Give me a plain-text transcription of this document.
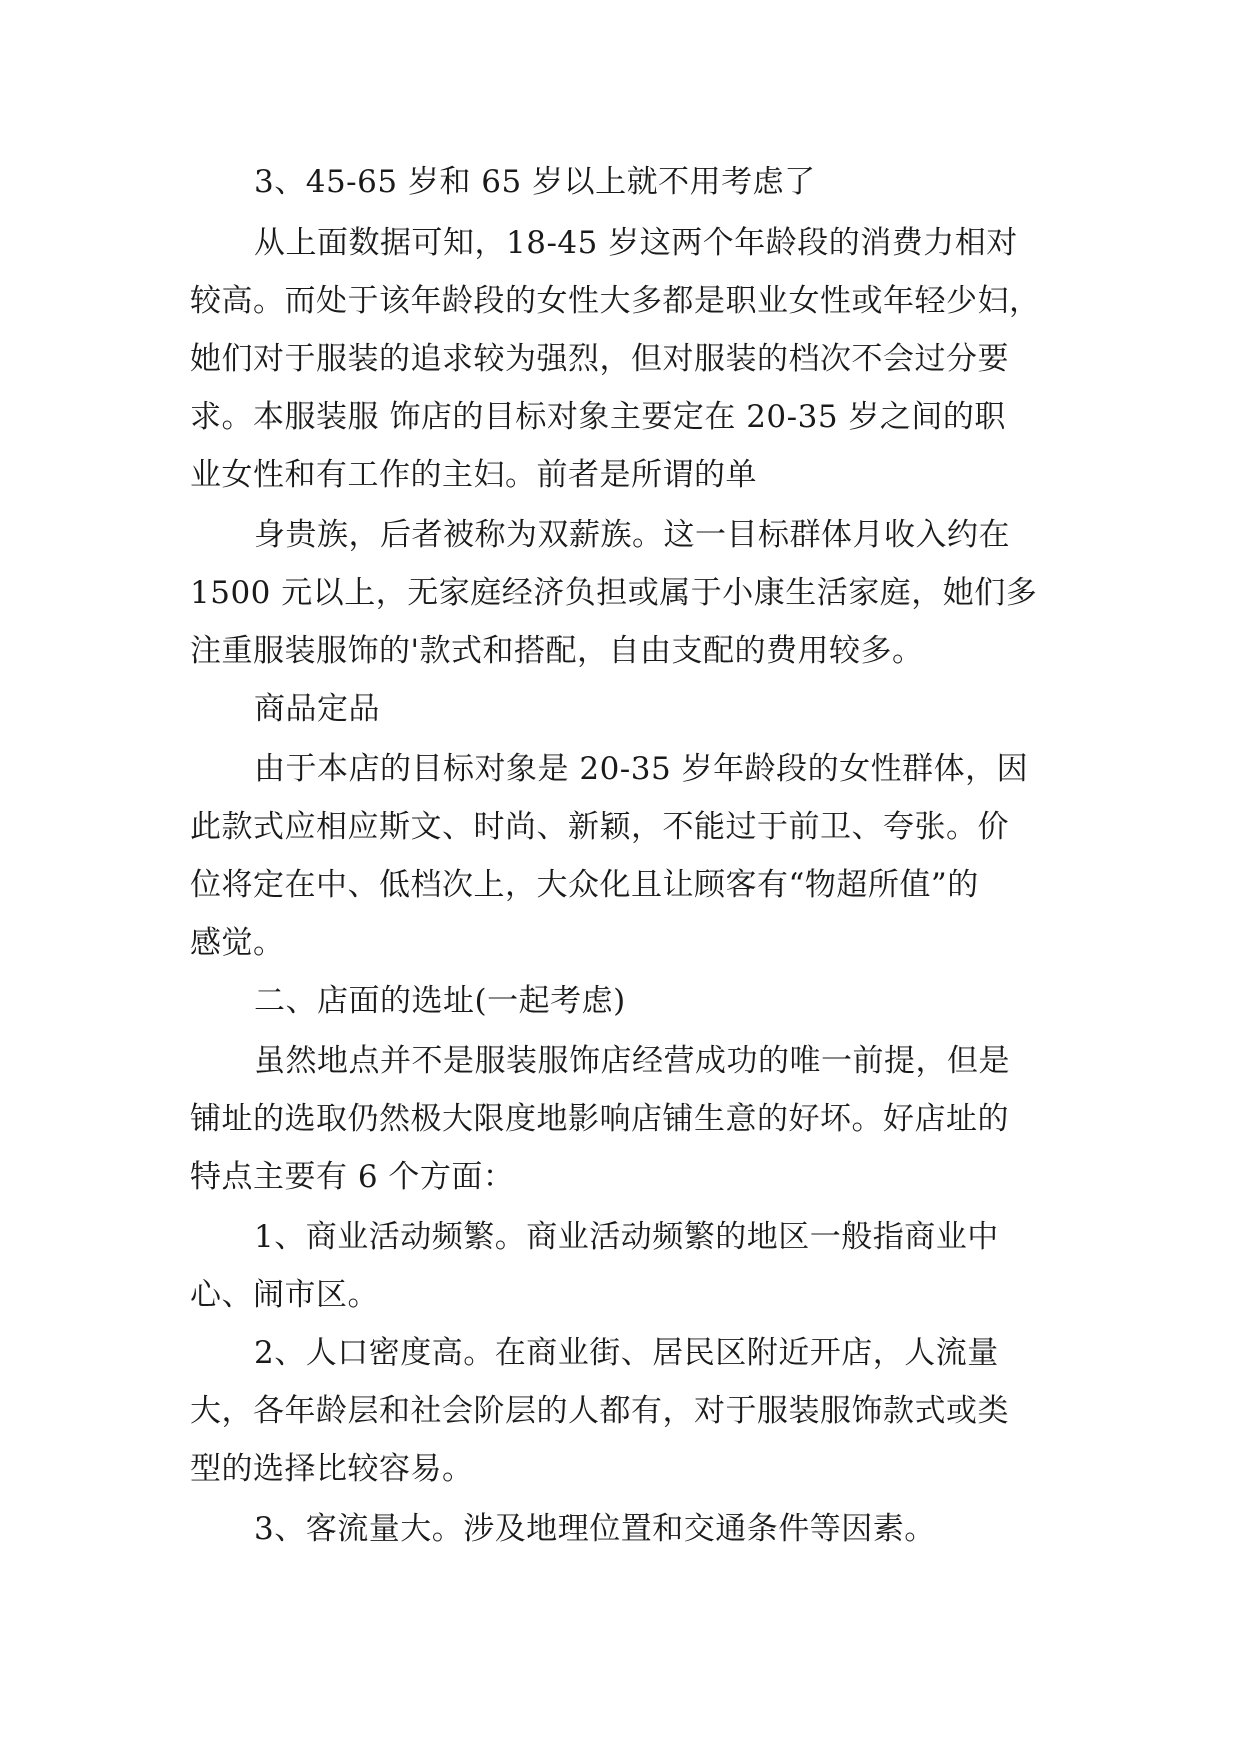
3、45-65 岁和 65 岁以上就不用考虑了
从上面数据可知，18-45 岁这两个年龄段的消费力相对
较高。而处于该年龄段的女性大多都是职业女性或年轻少妇，
她们对于服装的追求较为强烈，但对服装的档次不会过分要
求。本服装服 饰店的目标对象主要定在 20-35 岁之间的职
业女性和有工作的主妇。前者是所谓的单
身贵族，后者被称为双薪族。这一目标群体月收入约在
1500 元以上，无家庭经济负担或属于小康生活家庭，她们多
注重服装服饰的'款式和搭配，自由支配的费用较多。
商品定品
由于本店的目标对象是 20-35 岁年龄段的女性群体，因
此款式应相应斯文、时尚、新颖，不能过于前卫、夸张。价
位将定在中、低档次上，大众化且让顾客有“物超所值”的
感觉。
二、店面的选址(一起考虑)
虽然地点并不是服装服饰店经营成功的唯一前提，但是
铺址的选取仍然极大限度地影响店铺生意的好坏。好店址的
特点主要有 6 个方面：
1、商业活动频繁。商业活动频繁的地区一般指商业中
心、闹市区。
2、人口密度高。在商业街、居民区附近开店，人流量
大，各年龄层和社会阶层的人都有，对于服装服饰款式或类
型的选择比较容易。
3、客流量大。涉及地理位置和交通条件等因素。
